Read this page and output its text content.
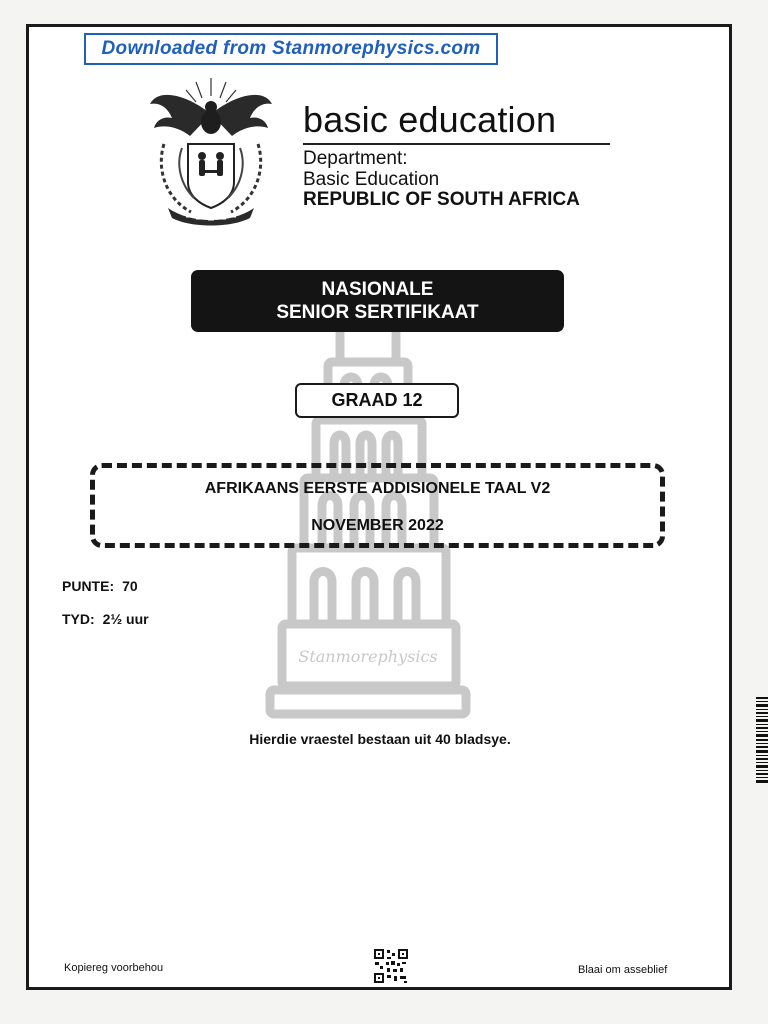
Downloaded from Stanmorephysics.com
basic education
Department:
Basic Education
REPUBLIC OF SOUTH AFRICA
Stanmorephysics
NASIONALE
SENIOR SERTIFIKAAT
GRAAD 12
AFRIKAANS EERSTE ADDISIONELE TAAL V2
NOVEMBER 2022
PUNTE: 70
TYD: 2½ uur
Hierdie vraestel bestaan uit 40 bladsye.
Kopiereg voorbehou	Blaai om asseblief
